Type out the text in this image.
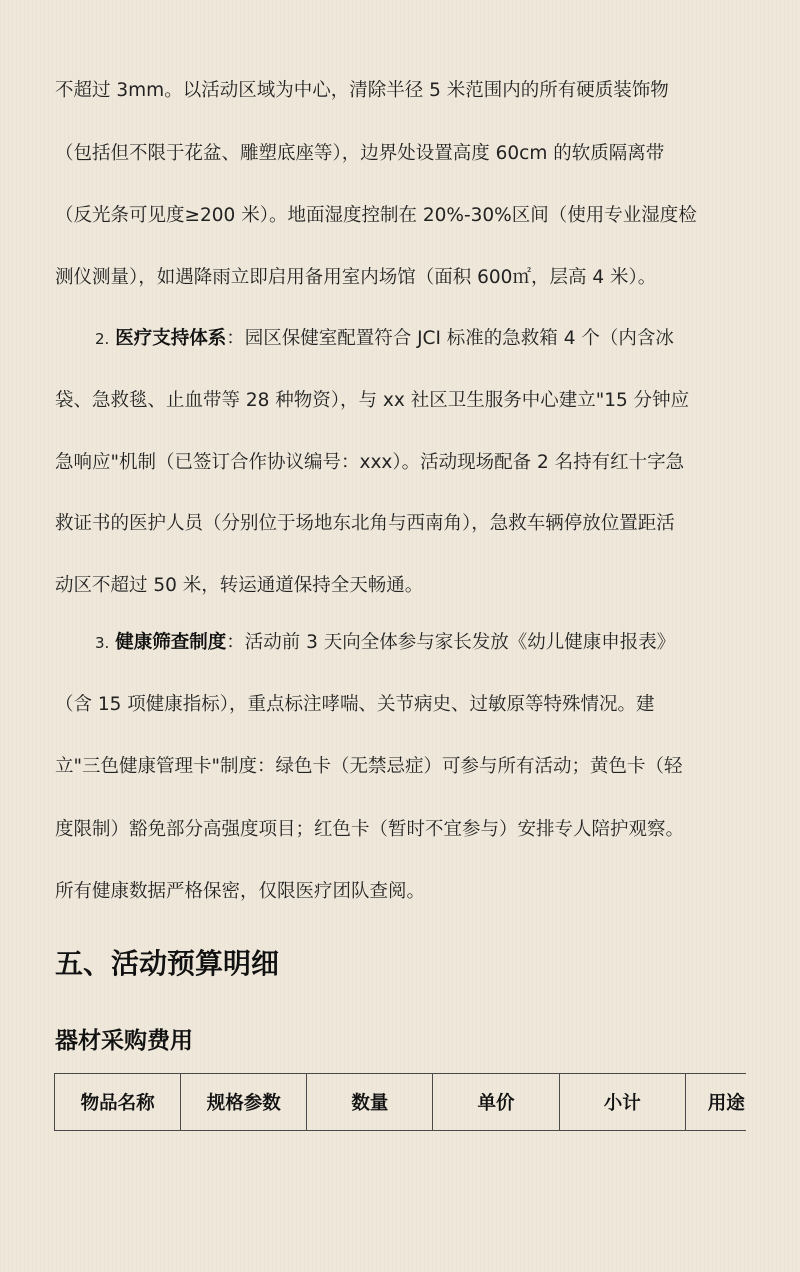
不超过 3mm。以活动区域为中心，清除半径 5 米范围内的所有硬质装饰物
（包括但不限于花盆、雕塑底座等），边界处设置高度 60cm 的软质隔离带
（反光条可见度≥200 米）。地面湿度控制在 20%-30%区间（使用专业湿度检
测仪测量），如遇降雨立即启用备用室内场馆（面积 600㎡，层高 4 米）。
2. 医疗支持体系：园区保健室配置符合 JCI 标准的急救箱 4 个（内含冰
袋、急救毯、止血带等 28 种物资），与 xx 社区卫生服务中心建立"15 分钟应
急响应"机制（已签订合作协议编号：xxx）。活动现场配备 2 名持有红十字急
救证书的医护人员（分别位于场地东北角与西南角），急救车辆停放位置距活
动区不超过 50 米，转运通道保持全天畅通。
3. 健康筛查制度：活动前 3 天向全体参与家长发放《幼儿健康申报表》
（含 15 项健康指标），重点标注哮喘、关节病史、过敏原等特殊情况。建
立"三色健康管理卡"制度：绿色卡（无禁忌症）可参与所有活动；黄色卡（轻
度限制）豁免部分高强度项目；红色卡（暂时不宜参与）安排专人陪护观察。
所有健康数据严格保密，仅限医疗团队查阅。
五、活动预算明细
器材采购费用
物品名称	规格参数	数量	单价	小计	用途
